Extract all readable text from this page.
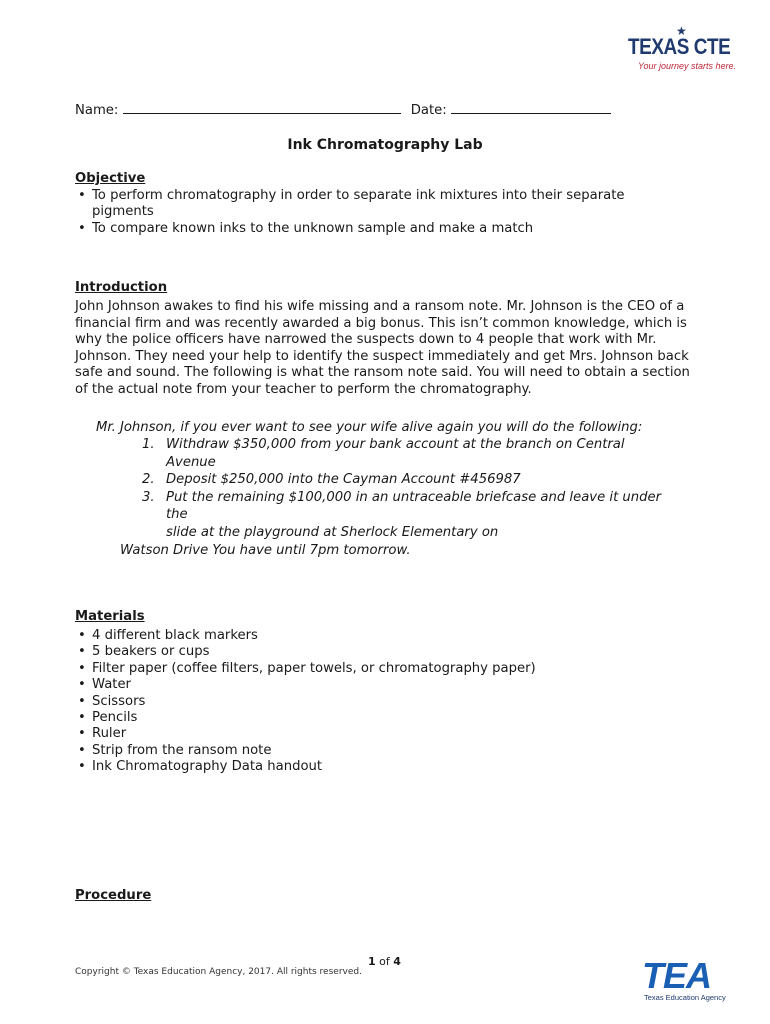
★
TEXAS CTE
Your journey starts here.
Name:	Date:
Ink Chromatography Lab
Objective
• To perform chromatography in order to separate ink mixtures into their separate pigments
• To compare known inks to the unknown sample and make a match
Introduction

John Johnson awakes to find his wife missing and a ransom note. Mr. Johnson is the CEO of a financial firm and was recently awarded a big bonus. This isn’t common knowledge, which is why the police officers have narrowed the suspects down to 4 people that work with Mr. Johnson. They need your help to identify the suspect immediately and get Mrs. Johnson back safe and sound. The following is what the ransom note said. You will need to obtain a section of the actual note from your teacher to perform the chromatography.

Mr. Johnson, if you ever want to see your wife alive again you will do the following:
1. Withdraw $350,000 from your bank account at the branch on Central Avenue
2. Deposit $250,000 into the Cayman Account #456987
3. Put the remaining $100,000 in an untraceable briefcase and leave it under the
slide at the playground at Sherlock Elementary on
Watson Drive You have until 7pm tomorrow.
Materials
• 4 different black markers
• 5 beakers or cups
• Filter paper (coffee filters, paper towels, or chromatography paper)
• Water
• Scissors
• Pencils
• Ruler
• Strip from the ransom note
• Ink Chromatography Data handout
Procedure
1 of 4
Copyright © Texas Education Agency, 2017. All rights reserved.	TEA
Texas Education Agency
